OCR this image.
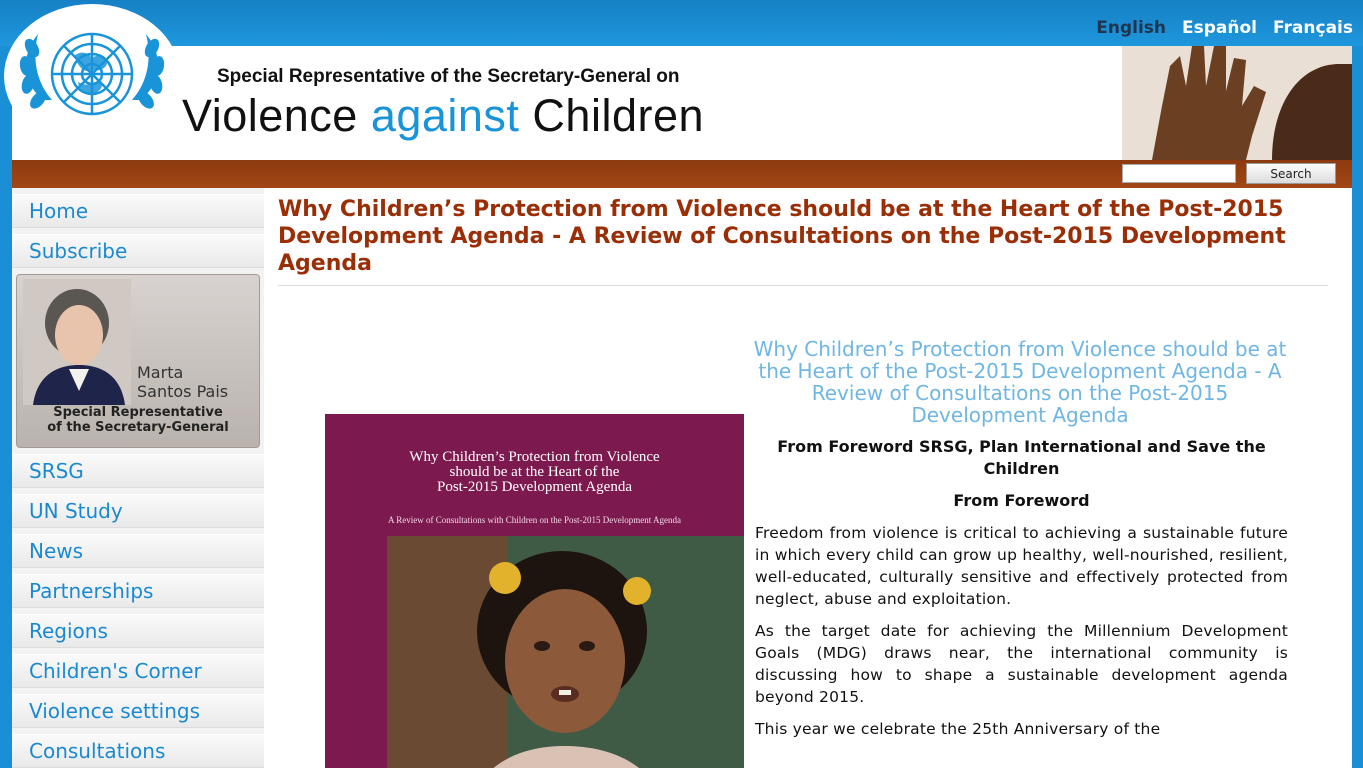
English Español Français
Special Representative of the Secretary-General on
Violence against Children
Search
Home
Subscribe
Marta
Santos Pais
Special Representative
of the Secretary-General
SRSG
UN Study
News
Partnerships
Regions
Children's Corner
Violence settings
Consultations
Why Children’s Protection from Violence should be at the Heart of the Post-2015 Development Agenda - A Review of Consultations on the Post-2015 Development Agenda
Why Children’s Protection from Violence
should be at the Heart of the
Post-2015 Development Agenda
A Review of Consultations with Children on the Post-2015 Development Agenda
Why Children’s Protection from Violence should be at the Heart of the Post-2015 Development Agenda - A Review of Consultations on the Post-2015 Development Agenda
From Foreword SRSG, Plan International and Save the Children
From Foreword
Freedom from violence is critical to achieving a sustainable future in which every child can grow up healthy, well-nourished, resilient, well-educated, culturally sensitive and effectively protected from neglect, abuse and exploitation.
As the target date for achieving the Millennium Development Goals (MDG) draws near, the international community is discussing how to shape a sustainable development agenda beyond 2015.
This year we celebrate the 25th Anniversary of the
